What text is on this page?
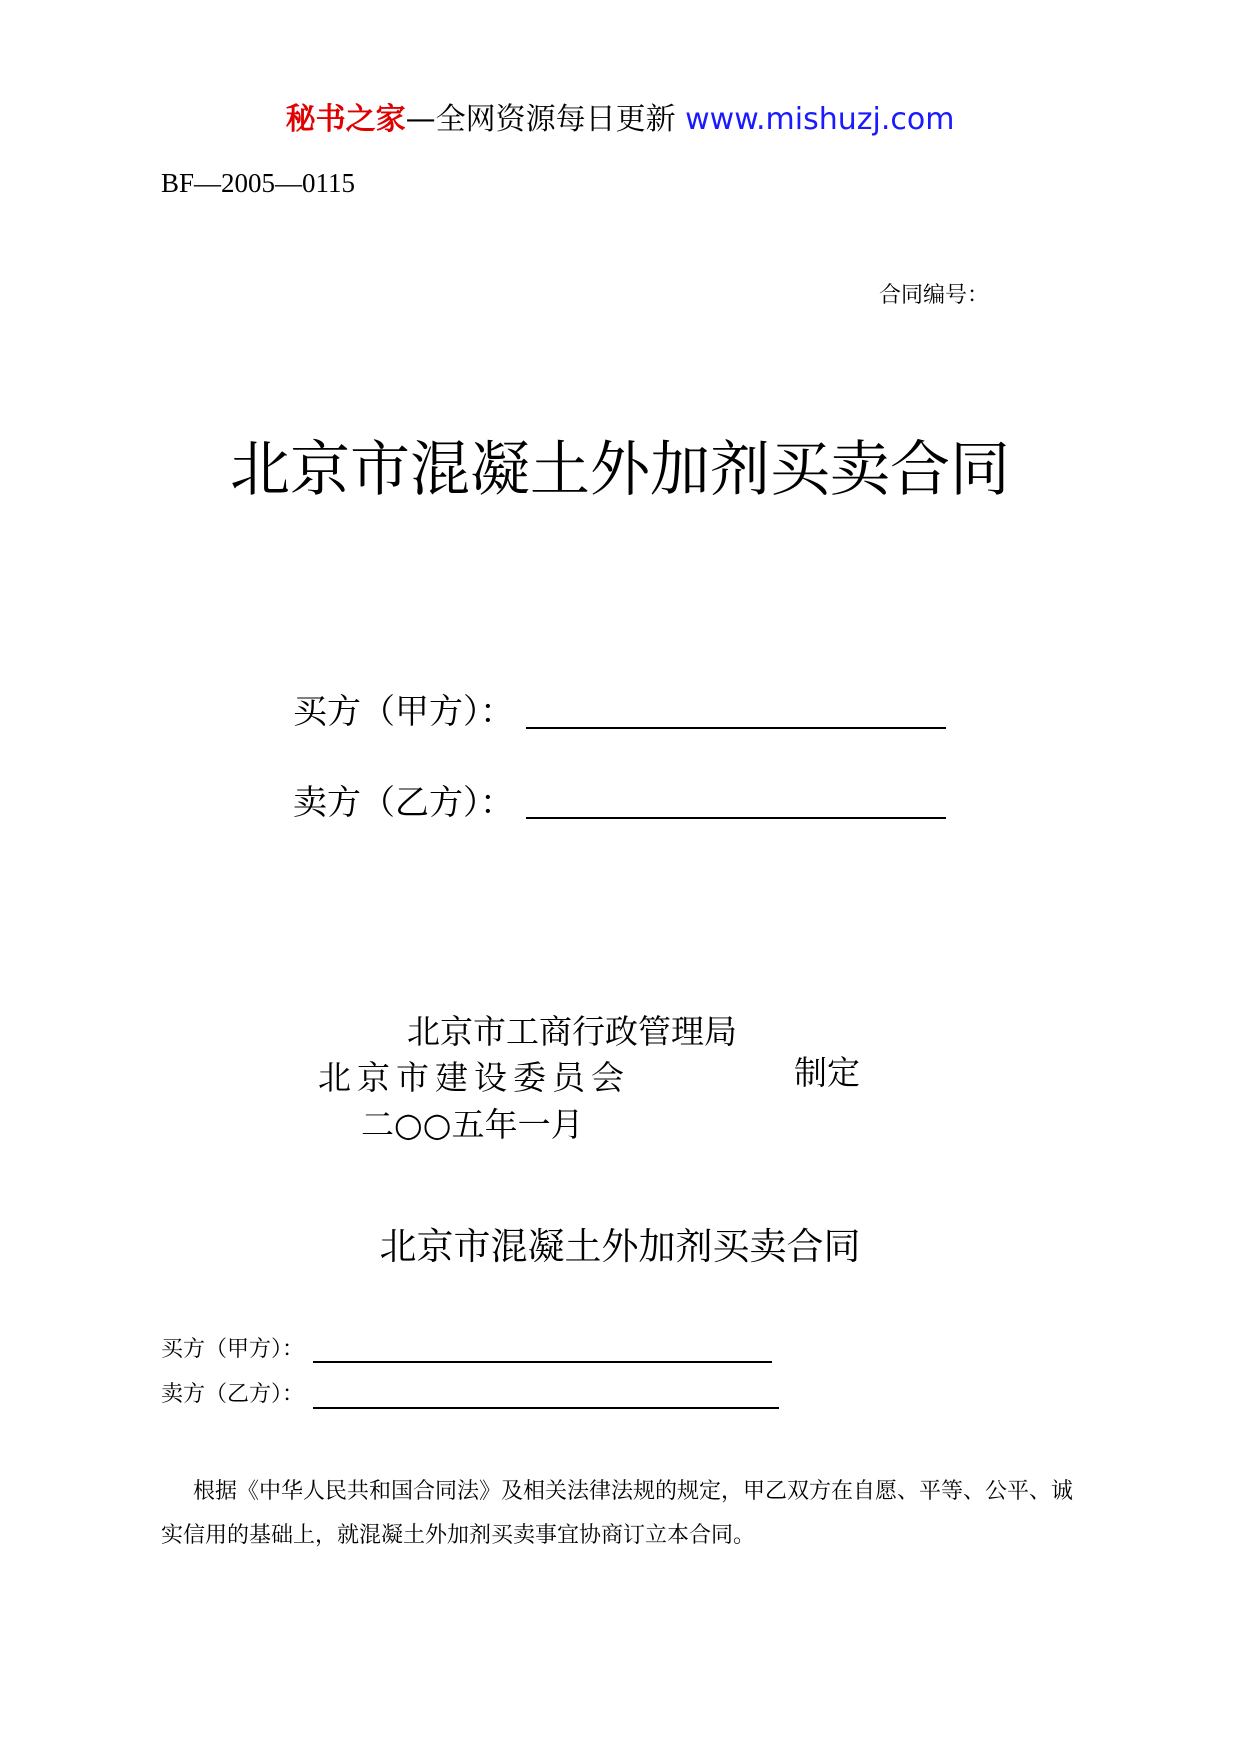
秘书之家—全网资源每日更新 www.mishuzj.com
BF—2005—0115
合同编号：
北京市混凝土外加剂买卖合同
买方（甲方）：
卖方（乙方）：
北京市工商行政管理局
北京市建设委员会	制定
二○○五年一月
北京市混凝土外加剂买卖合同
买方（甲方）：
卖方（乙方）：

根据《中华人民共和国合同法》及相关法律法规的规定，甲乙双方在自愿、平等、公平、诚实信用的基础上，就混凝土外加剂买卖事宜协商订立本合同。
